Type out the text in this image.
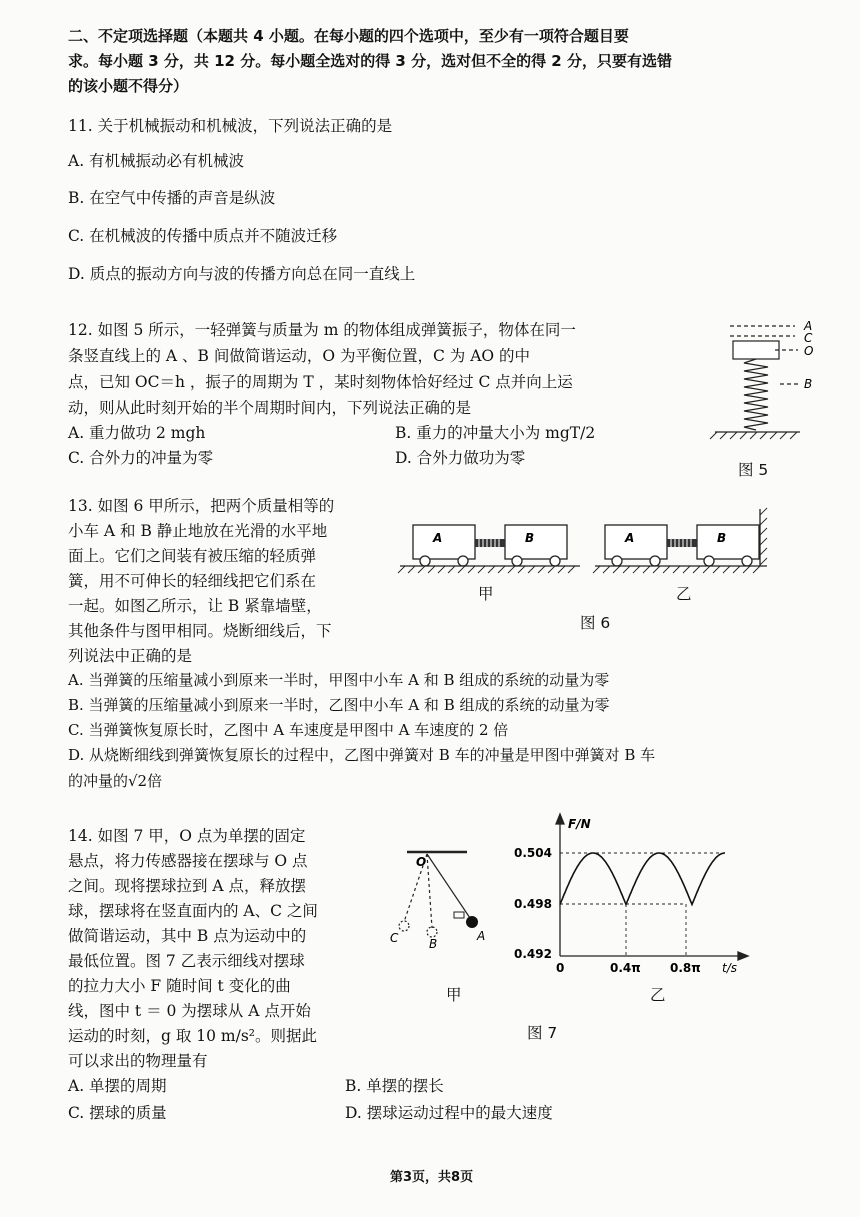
二、不定项选择题（本题共 4 小题。在每小题的四个选项中，至少有一项符合题目要
求。每小题 3 分，共 12 分。每小题全选对的得 3 分，选对但不全的得 2 分，只要有选错
的该小题不得分）
11. 关于机械振动和机械波，下列说法正确的是
A. 有机械振动必有机械波
B. 在空气中传播的声音是纵波
C. 在机械波的传播中质点并不随波迁移
D. 质点的振动方向与波的传播方向总在同一直线上
12. 如图 5 所示，一轻弹簧与质量为 m 的物体组成弹簧振子，物体在同一
条竖直线上的 A 、B 间做简谐运动，O 为平衡位置，C 为 AO 的中
点，已知 OC＝h ，振子的周期为 T ，某时刻物体恰好经过 C 点并向上运
动，则从此时刻开始的半个周期时间内，下列说法正确的是
A. 重力做功 2 mgh	B. 重力的冲量大小为 mgT/2
C. 合外力的冲量为零	D. 合外力做功为零
A
C
O
B
图 5
13. 如图 6 甲所示，把两个质量相等的
小车 A 和 B 静止地放在光滑的水平地
面上。它们之间装有被压缩的轻质弹
簧，用不可伸长的轻细线把它们系在
一起。如图乙所示，让 B 紧靠墙壁，
其他条件与图甲相同。烧断细线后，下
列说法中正确的是
A	B	A	B
甲	乙
图 6
A. 当弹簧的压缩量减小到原来一半时，甲图中小车 A 和 B 组成的系统的动量为零
B. 当弹簧的压缩量减小到原来一半时，乙图中小车 A 和 B 组成的系统的动量为零
C. 当弹簧恢复原长时，乙图中 A 车速度是甲图中 A 车速度的 2 倍
D. 从烧断细线到弹簧恢复原长的过程中，乙图中弹簧对 B 车的冲量是甲图中弹簧对 B 车
的冲量的√2倍
14. 如图 7 甲，O 点为单摆的固定
悬点，将力传感器接在摆球与 O 点
之间。现将摆球拉到 A 点，释放摆
球，摆球将在竖直面内的 A、C 之间
做简谐运动，其中 B 点为运动中的
最低位置。图 7 乙表示细线对摆球
的拉力大小 F 随时间 t 变化的曲
线，图中 t ＝ 0 为摆球从 A 点开始
运动的时刻，g 取 10 m/s²。则据此
可以求出的物理量有
O
A
B
C
甲
F/N
t/s
0.504
0.498
0.492
0	0.4π 0.8π
乙
图 7
A. 单摆的周期	B. 单摆的摆长
C. 摆球的质量	D. 摆球运动过程中的最大速度
第3页，共8页
